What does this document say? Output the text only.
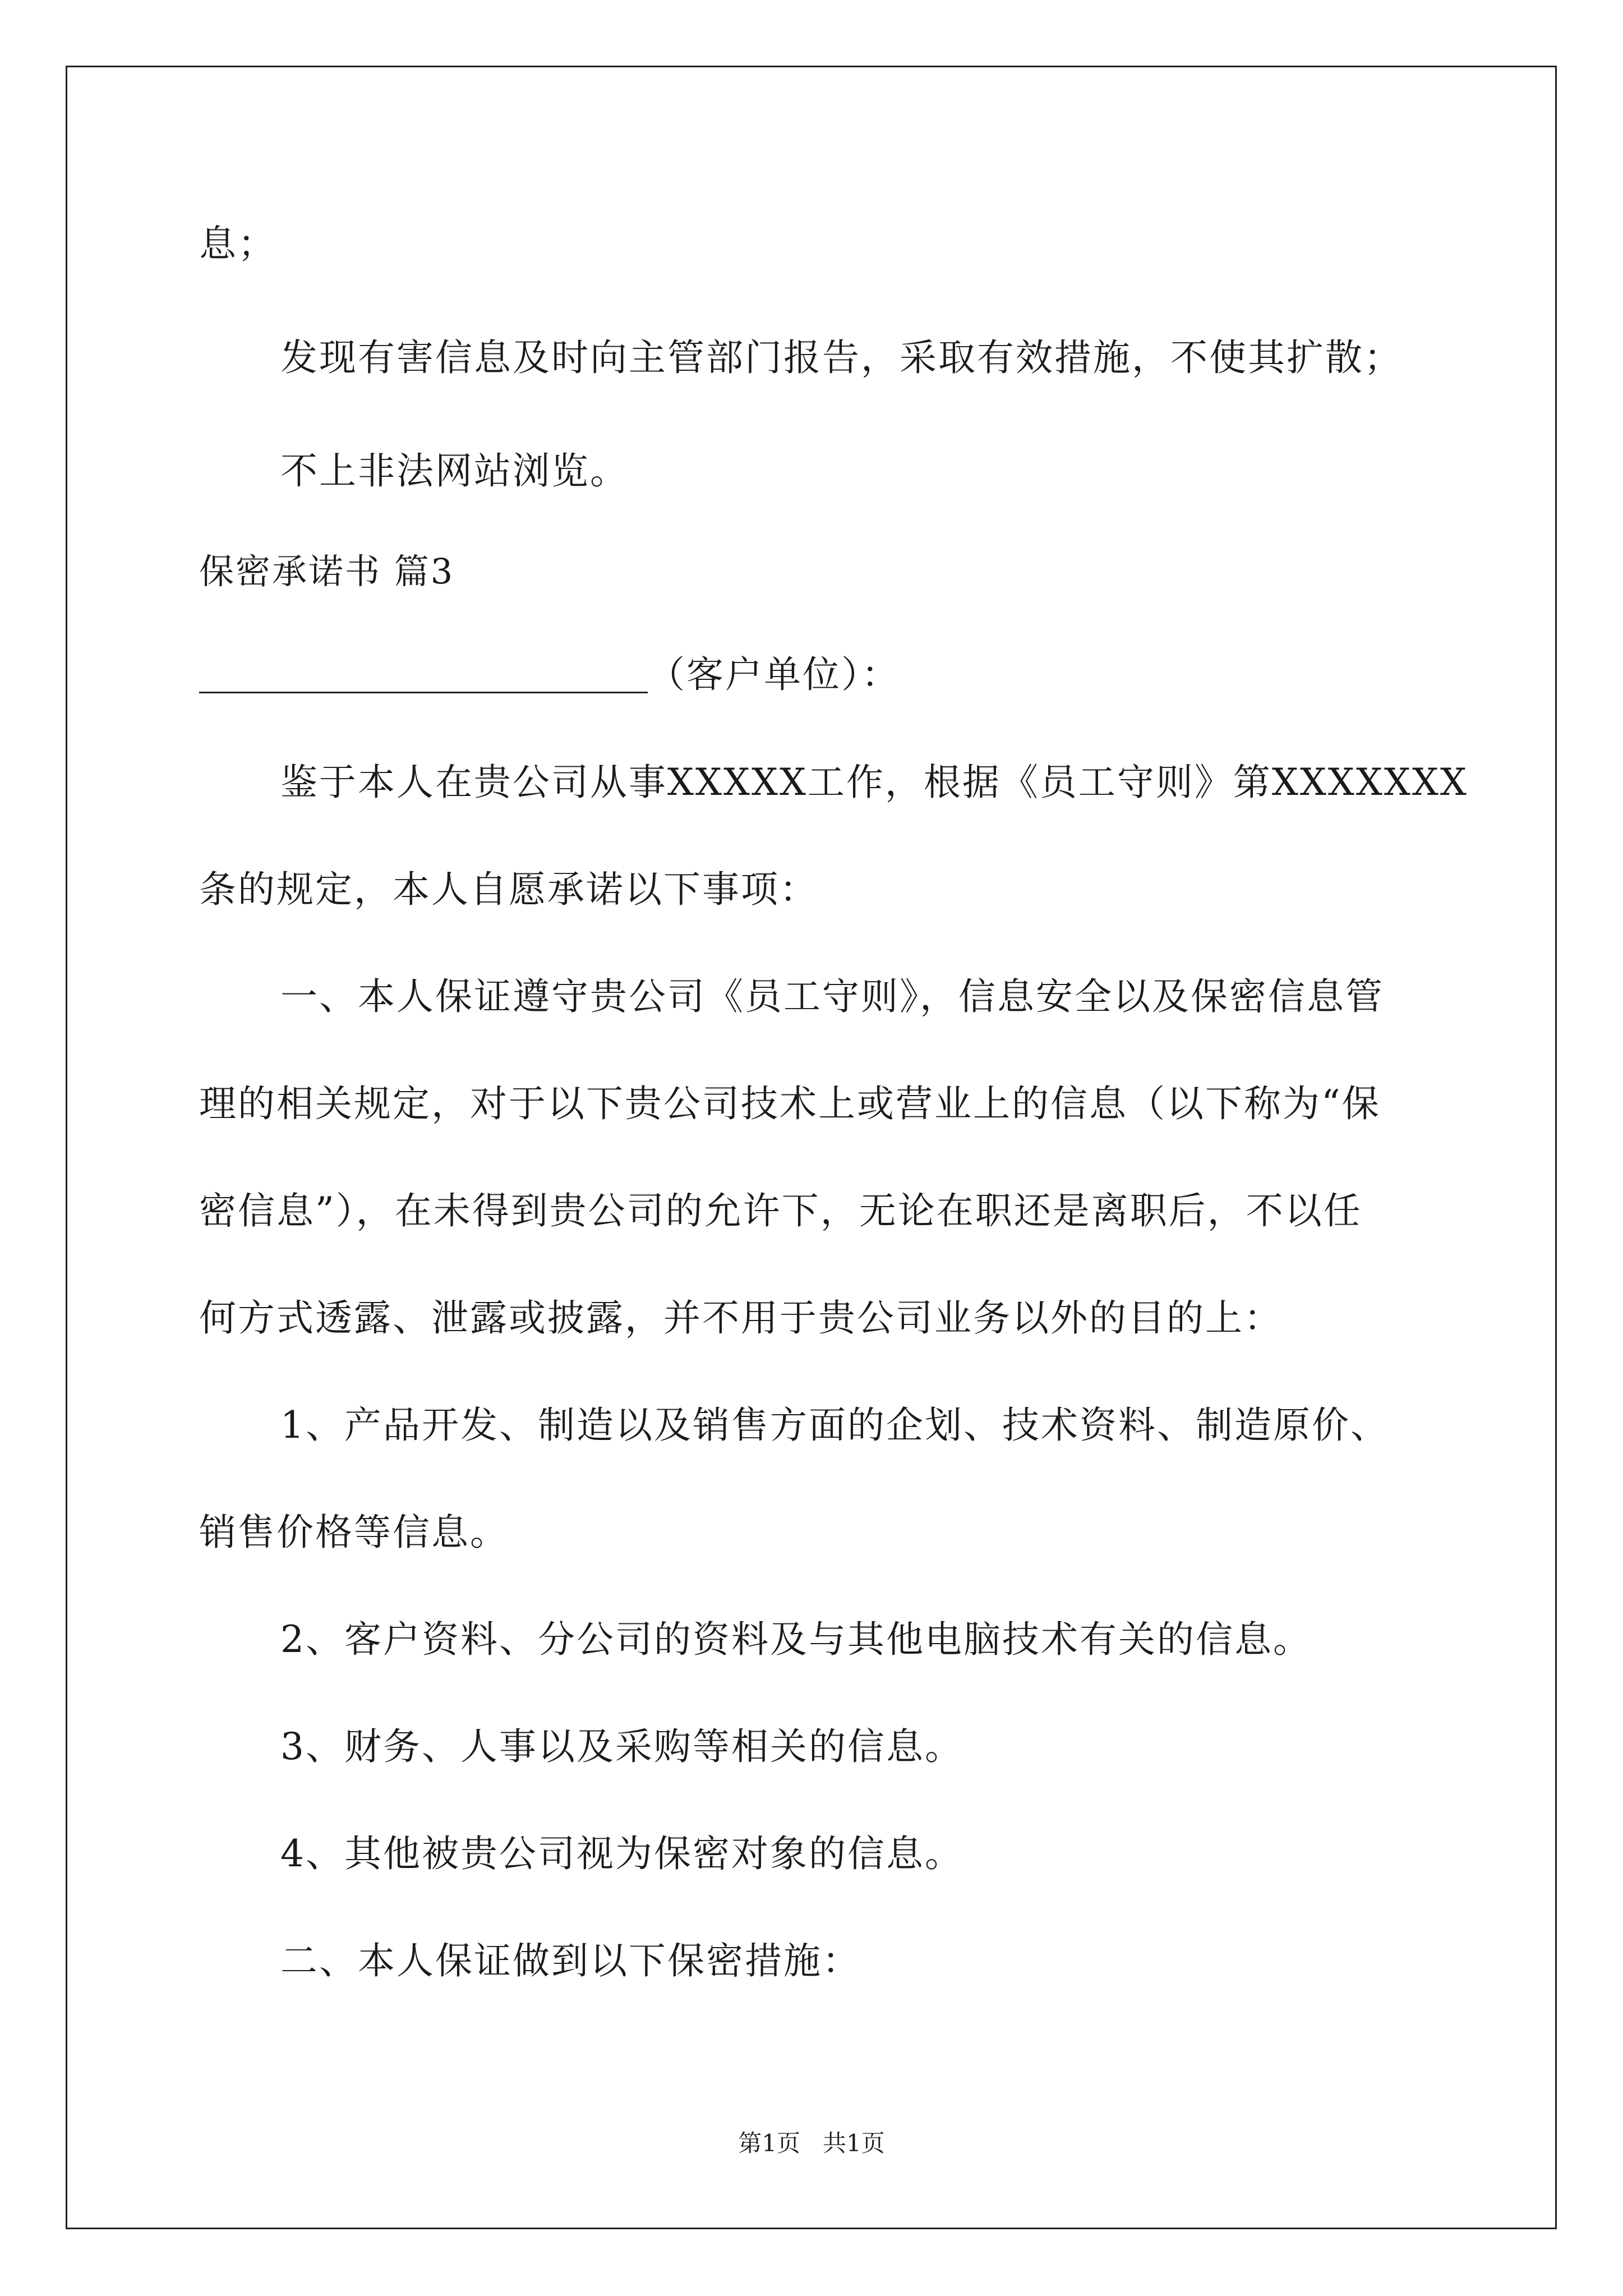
息；
发现有害信息及时向主管部门报告，采取有效措施，不使其扩散；
不上非法网站浏览。
保密承诺书 篇3
（客户单位）：
鉴于本人在贵公司从事XXXXX工作，根据《员工守则》第XXXXXXX
条的规定，本人自愿承诺以下事项：
一、本人保证遵守贵公司《员工守则》，信息安全以及保密信息管
理的相关规定，对于以下贵公司技术上或营业上的信息（以下称为“保
密信息”），在未得到贵公司的允许下，无论在职还是离职后，不以任
何方式透露、泄露或披露，并不用于贵公司业务以外的目的上：
1、产品开发、制造以及销售方面的企划、技术资料、制造原价、
销售价格等信息。
2、客户资料、分公司的资料及与其他电脑技术有关的信息。
3、财务、人事以及采购等相关的信息。
4、其他被贵公司视为保密对象的信息。
二、本人保证做到以下保密措施：
第1页 共1页
